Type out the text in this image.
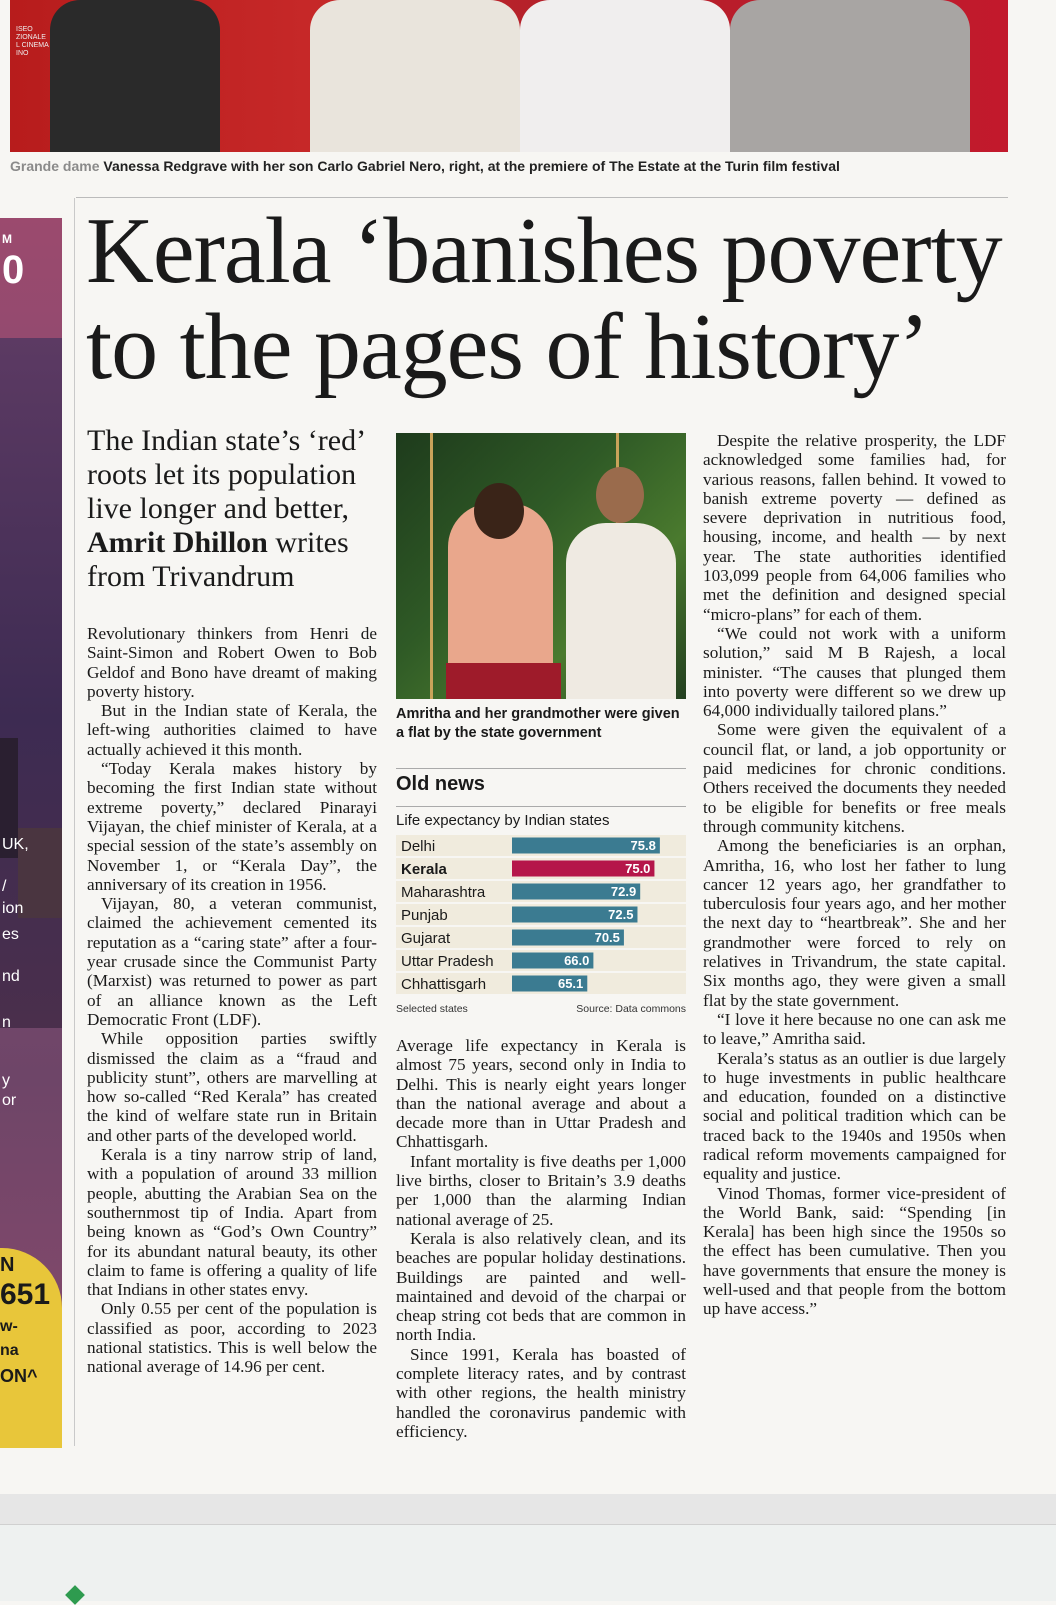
ISEO
ZIONALE
L CINEMA
INO
Grande dame Vanessa Redgrave with her son Carlo Gabriel Nero, right, at the premiere of The Estate at the Turin film festival
M
0
UK,
/
ion
es
nd
n
y
or
N
651
w-
na
ON^
Kerala ‘banishes poverty
to the pages of history’
The Indian state’s ‘red’ roots let its population live longer and better, Amrit Dhillon writes from Trivandrum

Revolutionary thinkers from Henri de Saint-Simon and Robert Owen to Bob Geldof and Bono have dreamt of making poverty history.

But in the Indian state of Kerala, the left-wing authorities claimed to have actually achieved it this month.

“Today Kerala makes history by becoming the first Indian state without extreme poverty,” declared Pinarayi Vijayan, the chief minister of Kerala, at a special session of the state’s assembly on November 1, or “Kerala Day”, the anniversary of its creation in 1956.

Vijayan, 80, a veteran communist, claimed the achievement cemented its reputation as a “caring state” after a four-year crusade since the Communist Party (Marxist) was returned to power as part of an alliance known as the Left Democratic Front (LDF).

While opposition parties swiftly dismissed the claim as a “fraud and publicity stunt”, others are marvelling at how so-called “Red Kerala” has created the kind of welfare state run in Britain and other parts of the developed world.

Kerala is a tiny narrow strip of land, with a population of around 33 million people, abutting the Arabian Sea on the southernmost tip of India. Apart from being known as “God’s Own Country” for its abundant natural beauty, its other claim to fame is offering a quality of life that Indians in other states envy.

Only 0.55 per cent of the population is classified as poor, according to 2023 national statistics. This is well below the national average of 14.96 per cent.

Amritha and her grandmother were given a flat by the state government
Old news
Life expectancy by Indian states
Delhi	75.8
Kerala	75.0
Maharashtra	72.9
Punjab	72.5
Gujarat	70.5
Uttar Pradesh	66.0
Chhattisgarh	65.1
Selected states	Source: Data commons

Average life expectancy in Kerala is almost 75 years, second only in India to Delhi. This is nearly eight years longer than the national average and about a decade more than in Uttar Pradesh and Chhattisgarh.

Infant mortality is five deaths per 1,000 live births, closer to Britain’s 3.9 deaths per 1,000 than the alarming Indian national average of 25.

Kerala is also relatively clean, and its beaches are popular holiday destinations. Buildings are painted and well-maintained and devoid of the charpai or cheap string cot beds that are common in north India.

Since 1991, Kerala has boasted of complete literacy rates, and by contrast with other regions, the health ministry handled the coronavirus pandemic with efficiency.

Despite the relative prosperity, the LDF acknowledged some families had, for various reasons, fallen behind. It vowed to banish extreme poverty — defined as severe deprivation in nutritious food, housing, income, and health — by next year. The state authorities identified 103,099 people from 64,006 families who met the definition and designed special “micro-plans” for each of them.

“We could not work with a uniform solution,” said M B Rajesh, a local minister. “The causes that plunged them into poverty were different so we drew up 64,000 individually tailored plans.”

Some were given the equivalent of a council flat, or land, a job opportunity or paid medicines for chronic conditions. Others received the documents they needed to be eligible for benefits or free meals through community kitchens.

Among the beneficiaries is an orphan, Amritha, 16, who lost her father to lung cancer 12 years ago, her grandfather to tuberculosis four years ago, and her mother the next day to “heartbreak”. She and her grandmother were forced to rely on relatives in Trivandrum, the state capital. Six months ago, they were given a small flat by the state government.

“I love it here because no one can ask me to leave,” Amritha said.

Kerala’s status as an outlier is due largely to huge investments in public healthcare and education, founded on a distinctive social and political tradition which can be traced back to the 1940s and 1950s when radical reform movements campaigned for equality and justice.

Vinod Thomas, former vice-president of the World Bank, said: “Spending [in Kerala] has been high since the 1950s so the effect has been cumulative. Then you have governments that ensure the money is well-used and that people from the bottom up have access.”
